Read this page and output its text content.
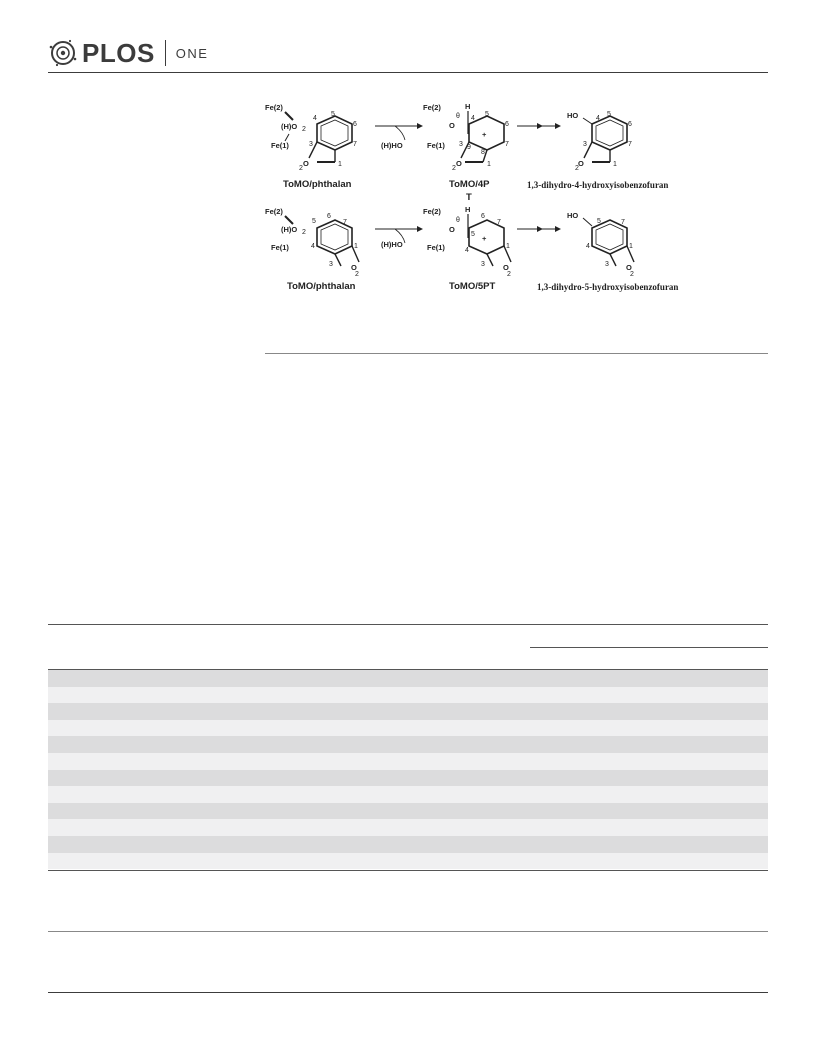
PLOS ONE
Fe(2)
(H)O 2
Fe(1)
O
4
5
6
7
3
1
2
ToMO/phthalan
(H)HO
Fe(2)
Fe(1)
O
θ
H
+
O
4
5
6
7
3 9
8
1
2
ToMO/4P
T
HO
O
4
5
6
7
3
1
2
1,3-dihydro-4-hydroxyisobenzofuran
Fe(2)
(H)O 2
Fe(1)
O
5
6
7
4	1
3
2
ToMO/phthalan
(H)HO
Fe(2)
Fe(1)
O
θ
H
+
O
6
7
5
4
1
3
2
ToMO/5PT
HO
O
5	7
4	1
3
2
1,3-dihydro-5-hydroxyisobenzofuran
